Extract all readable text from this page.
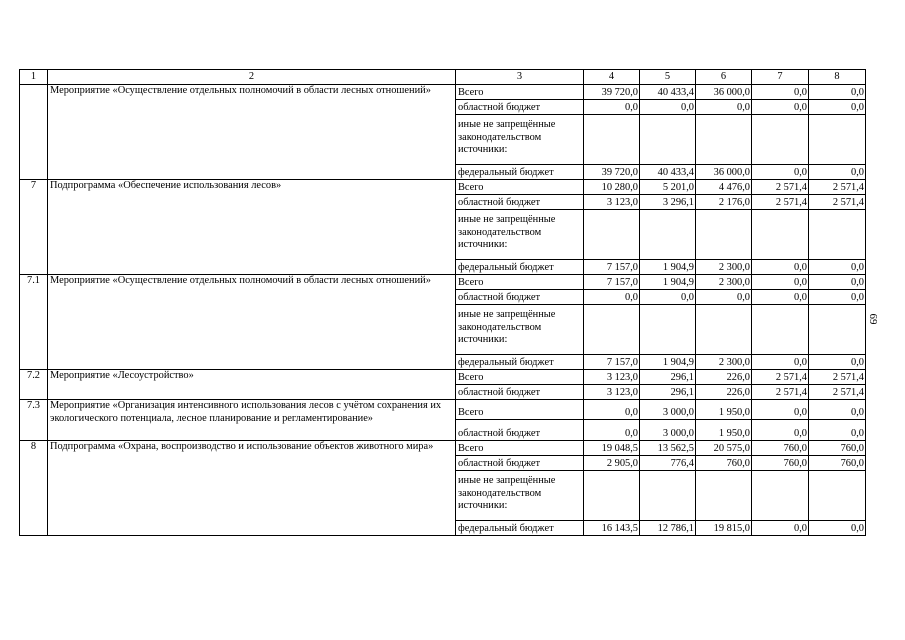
1	2	3	4	5	6	7	8
	Мероприятие «Осуществление отдельных полномочий в области лесных отношений»	Всего	39 720,0	40 433,4	36 000,0	0,0	0,0
		областной бюджет	0,0	0,0	0,0	0,0	0,0
		иные не запрещённые законодательством источники:					
		федеральный бюджет	39 720,0	40 433,4	36 000,0	0,0	0,0
7	Подпрограмма «Обеспечение использования лесов»	Всего	10 280,0	5 201,0	4 476,0	2 571,4	2 571,4
		областной бюджет	3 123,0	3 296,1	2 176,0	2 571,4	2 571,4
		иные не запрещённые законодательством источники:					
		федеральный бюджет	7 157,0	1 904,9	2 300,0	0,0	0,0
7.1	Мероприятие «Осуществление отдельных полномочий в области лесных отношений»	Всего	7 157,0	1 904,9	2 300,0	0,0	0,0
		областной бюджет	0,0	0,0	0,0	0,0	0,0
		иные не запрещённые законодательством источники:					
		федеральный бюджет	7 157,0	1 904,9	2 300,0	0,0	0,0
7.2	Мероприятие «Лесоустройство»	Всего	3 123,0	296,1	226,0	2 571,4	2 571,4
		областной бюджет	3 123,0	296,1	226,0	2 571,4	2 571,4
7.3	Мероприятие «Организация интенсивного использования лесов с учётом сохранения их экологического потенциала, лесное планирование и регламентирование»	Всего	0,0	3 000,0	1 950,0	0,0	0,0
		областной бюджет	0,0	3 000,0	1 950,0	0,0	0,0
8	Подпрограмма «Охрана, воспроизводство и использование объектов животного мира»	Всего	19 048,5	13 562,5	20 575,0	760,0	760,0
		областной бюджет	2 905,0	776,4	760,0	760,0	760,0
		иные не запрещённые законодательством источники:					
		федеральный бюджет	16 143,5	12 786,1	19 815,0	0,0	0,0
69
